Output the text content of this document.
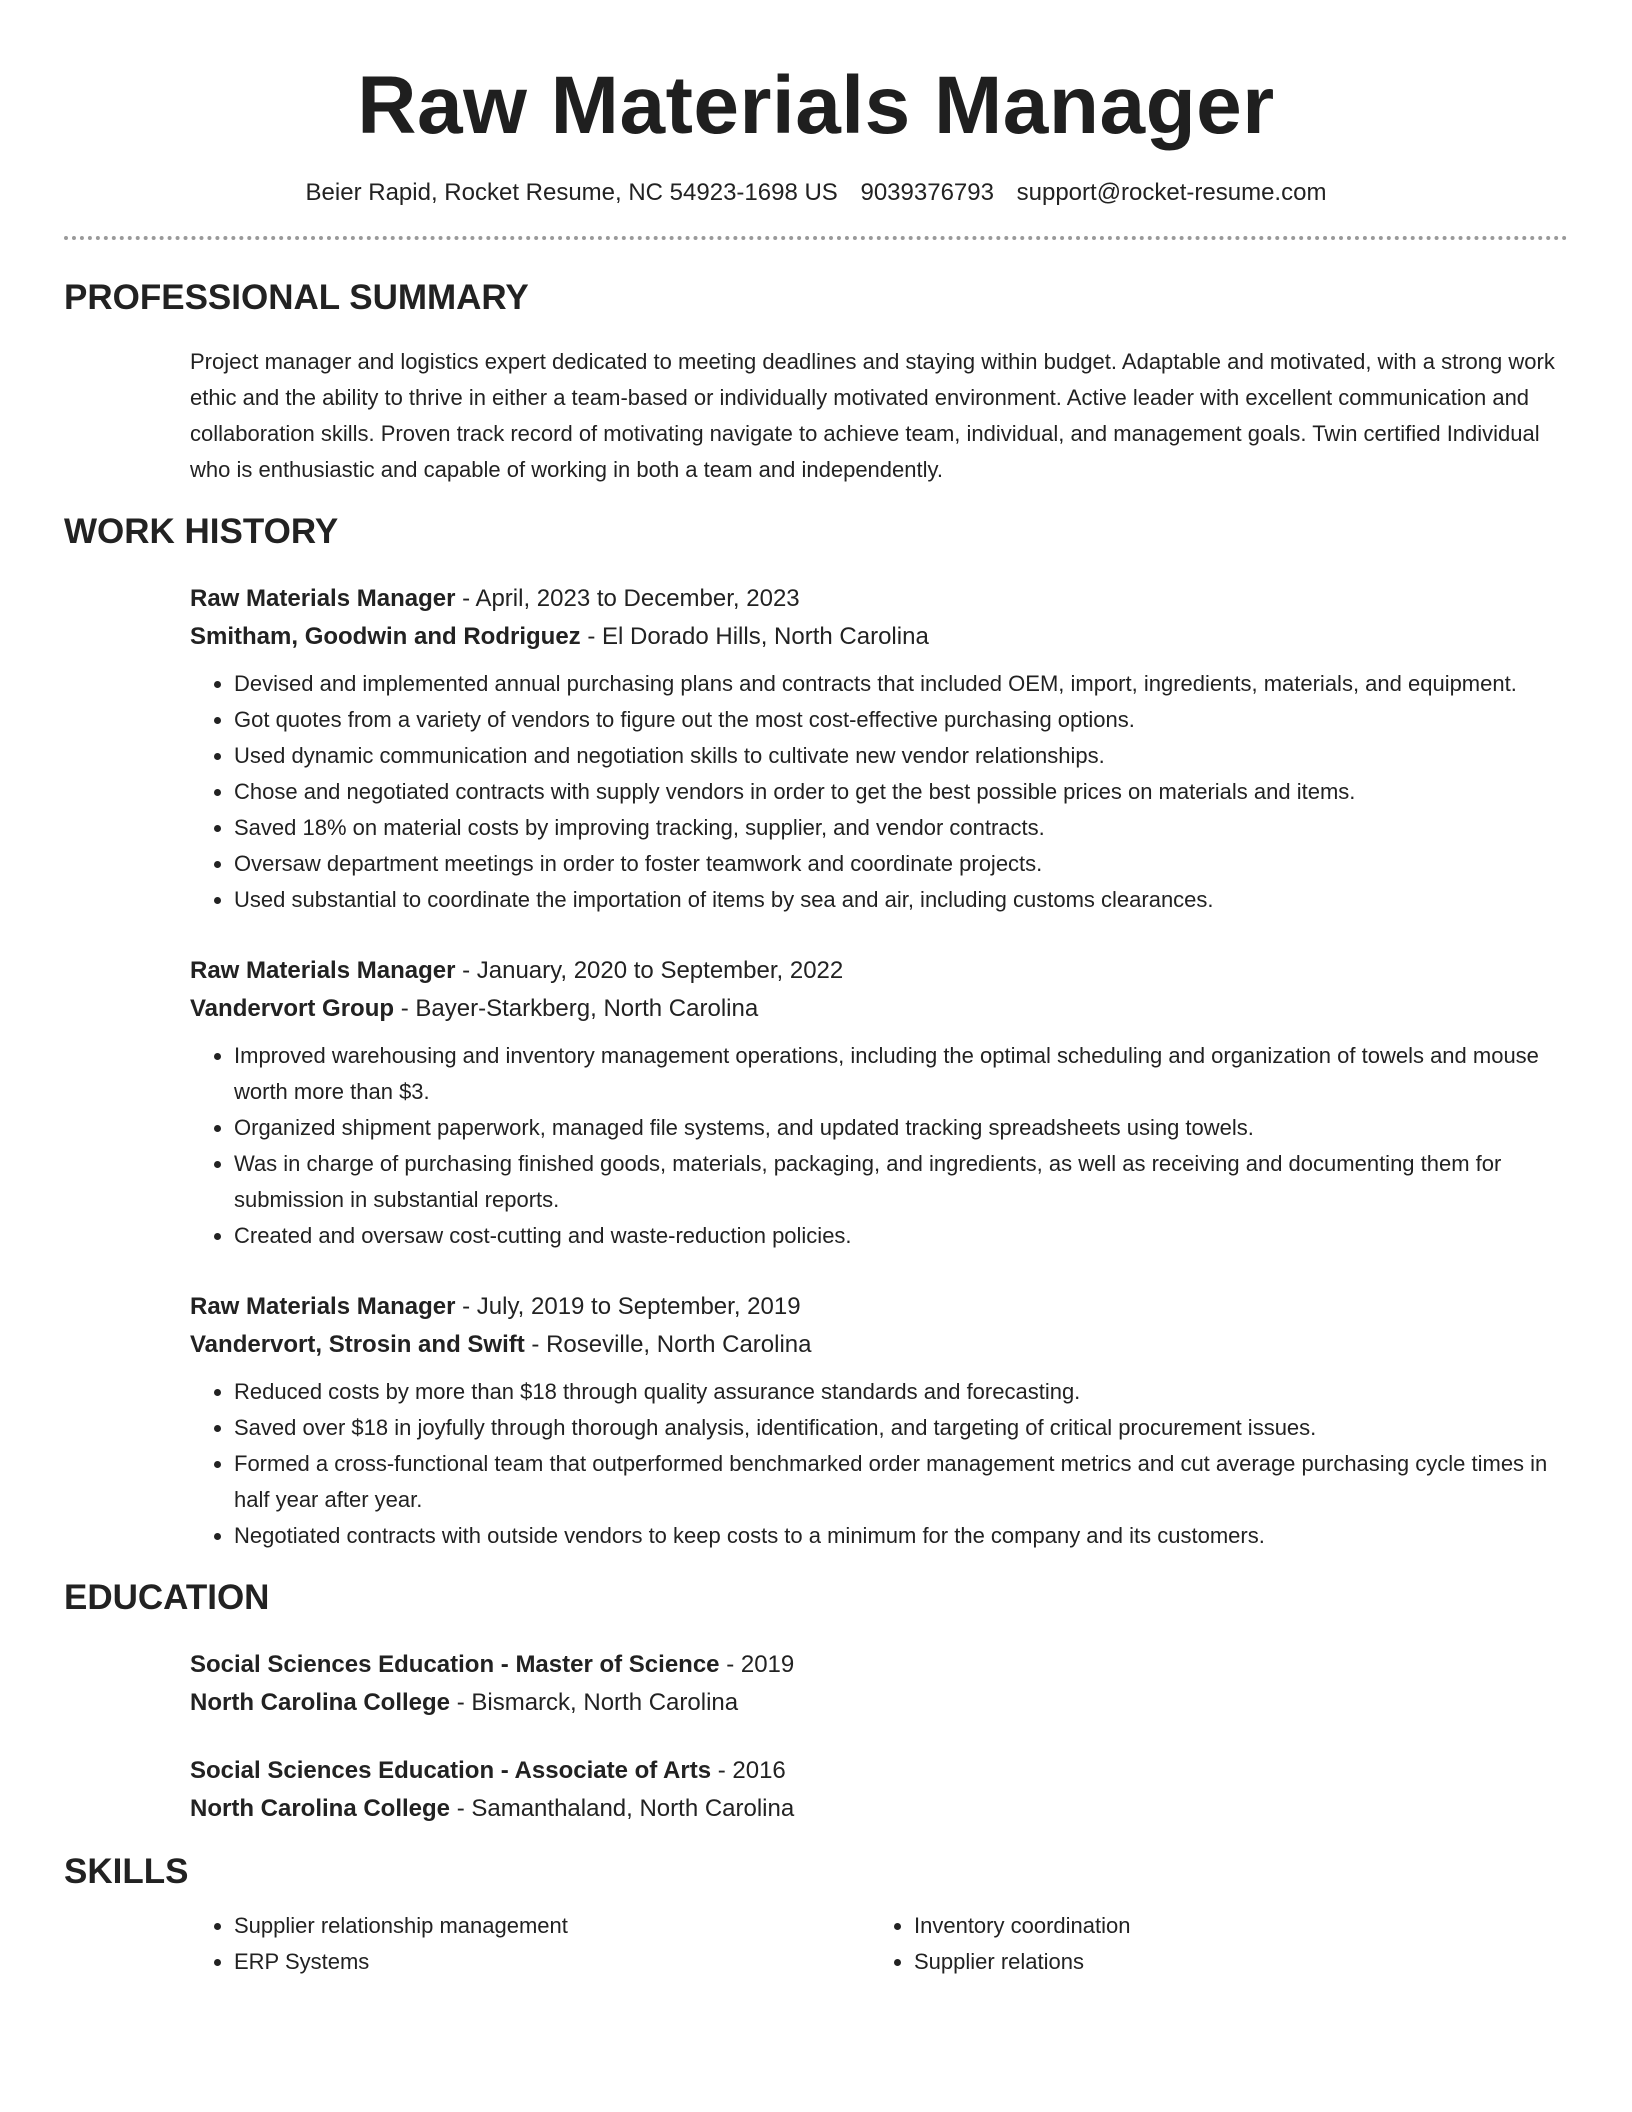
Raw Materials Manager
Beier Rapid, Rocket Resume, NC 54923-1698 US 9039376793 support@rocket-resume.com
PROFESSIONAL SUMMARY
Project manager and logistics expert dedicated to meeting deadlines and staying within budget. Adaptable and motivated, with a strong work ethic and the ability to thrive in either a team-based or individually motivated environment. Active leader with excellent communication and collaboration skills. Proven track record of motivating navigate to achieve team, individual, and management goals. Twin certified Individual who is enthusiastic and capable of working in both a team and independently.
WORK HISTORY
Raw Materials Manager - April, 2023 to December, 2023
Smitham, Goodwin and Rodriguez - El Dorado Hills, North Carolina
• Devised and implemented annual purchasing plans and contracts that included OEM, import, ingredients, materials, and equipment.
• Got quotes from a variety of vendors to figure out the most cost-effective purchasing options.
• Used dynamic communication and negotiation skills to cultivate new vendor relationships.
• Chose and negotiated contracts with supply vendors in order to get the best possible prices on materials and items.
• Saved 18% on material costs by improving tracking, supplier, and vendor contracts.
• Oversaw department meetings in order to foster teamwork and coordinate projects.
• Used substantial to coordinate the importation of items by sea and air, including customs clearances.
Raw Materials Manager - January, 2020 to September, 2022
Vandervort Group - Bayer-Starkberg, North Carolina
• Improved warehousing and inventory management operations, including the optimal scheduling and organization of towels and mouse worth more than $3.
• Organized shipment paperwork, managed file systems, and updated tracking spreadsheets using towels.
• Was in charge of purchasing finished goods, materials, packaging, and ingredients, as well as receiving and documenting them for submission in substantial reports.
• Created and oversaw cost-cutting and waste-reduction policies.
Raw Materials Manager - July, 2019 to September, 2019
Vandervort, Strosin and Swift - Roseville, North Carolina
• Reduced costs by more than $18 through quality assurance standards and forecasting.
• Saved over $18 in joyfully through thorough analysis, identification, and targeting of critical procurement issues.
• Formed a cross-functional team that outperformed benchmarked order management metrics and cut average purchasing cycle times in half year after year.
• Negotiated contracts with outside vendors to keep costs to a minimum for the company and its customers.
EDUCATION
Social Sciences Education - Master of Science - 2019
North Carolina College - Bismarck, North Carolina
Social Sciences Education - Associate of Arts - 2016
North Carolina College - Samanthaland, North Carolina
SKILLS
• Supplier relationship management
• ERP Systems
• Inventory coordination
• Supplier relations
